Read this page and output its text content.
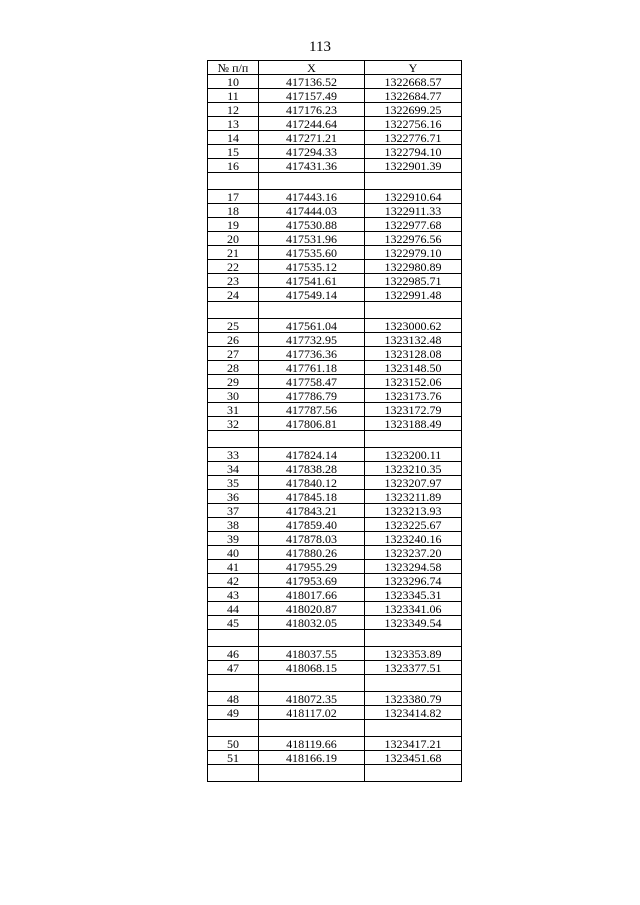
113
№ п/п	X	Y
10	417136.52	1322668.57
11	417157.49	1322684.77
12	417176.23	1322699.25
13	417244.64	1322756.16
14	417271.21	1322776.71
15	417294.33	1322794.10
16	417431.36	1322901.39

17	417443.16	1322910.64
18	417444.03	1322911.33
19	417530.88	1322977.68
20	417531.96	1322976.56
21	417535.60	1322979.10
22	417535.12	1322980.89
23	417541.61	1322985.71
24	417549.14	1322991.48

25	417561.04	1323000.62
26	417732.95	1323132.48
27	417736.36	1323128.08
28	417761.18	1323148.50
29	417758.47	1323152.06
30	417786.79	1323173.76
31	417787.56	1323172.79
32	417806.81	1323188.49

33	417824.14	1323200.11
34	417838.28	1323210.35
35	417840.12	1323207.97
36	417845.18	1323211.89
37	417843.21	1323213.93
38	417859.40	1323225.67
39	417878.03	1323240.16
40	417880.26	1323237.20
41	417955.29	1323294.58
42	417953.69	1323296.74
43	418017.66	1323345.31
44	418020.87	1323341.06
45	418032.05	1323349.54

46	418037.55	1323353.89
47	418068.15	1323377.51

48	418072.35	1323380.79
49	418117.02	1323414.82

50	418119.66	1323417.21
51	418166.19	1323451.68
